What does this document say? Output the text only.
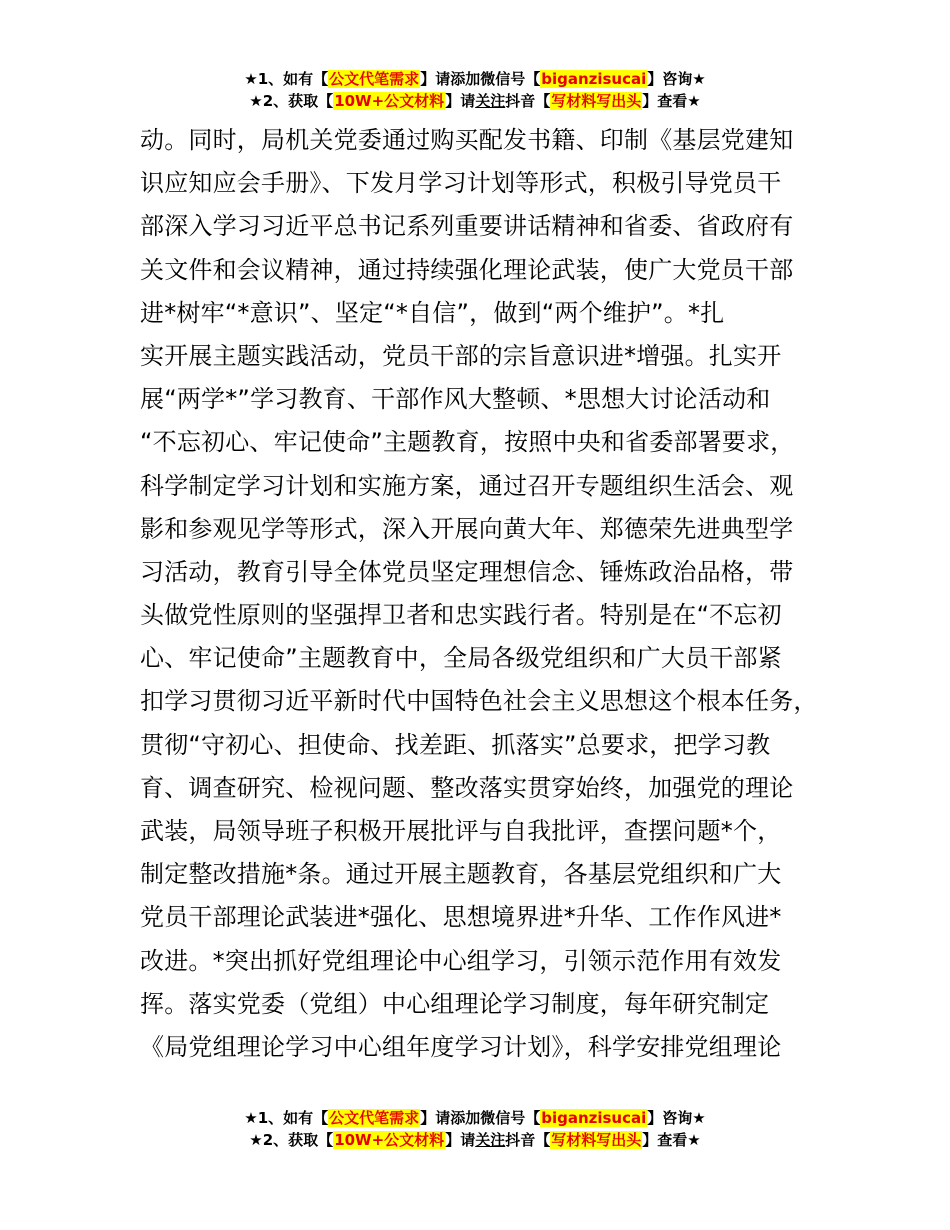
★1、如有【公文代笔需求】请添加微信号【biganzisucai】咨询★
★2、获取【10W+公文材料】请关注抖音【写材料写出头】查看★
动。同时，局机关党委通过购买配发书籍、印制《基层党建知
识应知应会手册》、下发月学习计划等形式，积极引导党员干
部深入学习习近平总书记系列重要讲话精神和省委、省政府有
关文件和会议精神，通过持续强化理论武装，使广大党员干部
进*树牢“*意识”、坚定“*自信”，做到“两个维护”。*扎
实开展主题实践活动，党员干部的宗旨意识进*增强。扎实开
展“两学*”学习教育、干部作风大整顿、*思想大讨论活动和
“不忘初心、牢记使命”主题教育，按照中央和省委部署要求，
科学制定学习计划和实施方案，通过召开专题组织生活会、观
影和参观见学等形式，深入开展向黄大年、郑德荣先进典型学
习活动，教育引导全体党员坚定理想信念、锤炼政治品格，带
头做党性原则的坚强捍卫者和忠实践行者。特别是在“不忘初
心、牢记使命”主题教育中，全局各级党组织和广大员干部紧
扣学习贯彻习近平新时代中国特色社会主义思想这个根本任务，
贯彻“守初心、担使命、找差距、抓落实”总要求，把学习教
育、调查研究、检视问题、整改落实贯穿始终，加强党的理论
武装，局领导班子积极开展批评与自我批评，查摆问题*个，
制定整改措施*条。通过开展主题教育，各基层党组织和广大
党员干部理论武装进*强化、思想境界进*升华、工作作风进*
改进。*突出抓好党组理论中心组学习，引领示范作用有效发
挥。落实党委（党组）中心组理论学习制度，每年研究制定
《局党组理论学习中心组年度学习计划》，科学安排党组理论
★1、如有【公文代笔需求】请添加微信号【biganzisucai】咨询★
★2、获取【10W+公文材料】请关注抖音【写材料写出头】查看★
